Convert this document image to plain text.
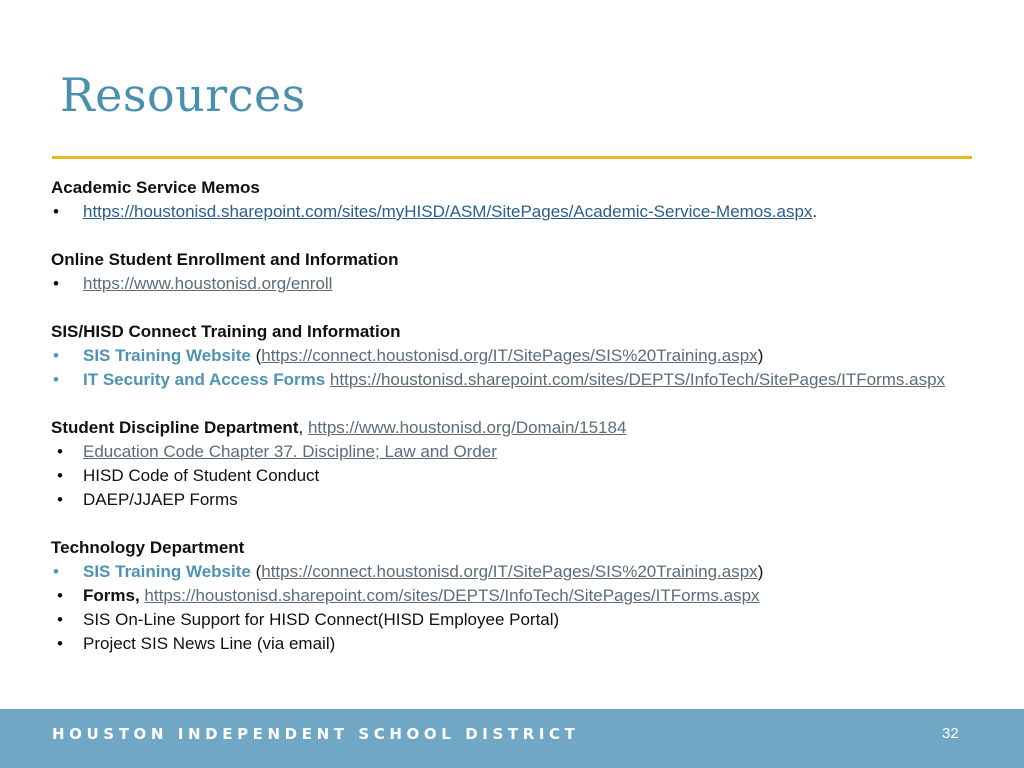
Resources
Academic Service Memos
• https://houstonisd.sharepoint.com/sites/myHISD/ASM/SitePages/Academic-Service-Memos.aspx.
Online Student Enrollment and Information
• https://www.houstonisd.org/enroll
SIS/HISD Connect Training and Information
• SIS Training Website (https://connect.houstonisd.org/IT/SitePages/SIS%20Training.aspx)
• IT Security and Access Forms https://houstonisd.sharepoint.com/sites/DEPTS/InfoTech/SitePages/ITForms.aspx
Student Discipline Department, https://www.houstonisd.org/Domain/15184
• Education Code Chapter 37. Discipline; Law and Order
• HISD Code of Student Conduct
• DAEP/JJAEP Forms
Technology Department
• SIS Training Website (https://connect.houstonisd.org/IT/SitePages/SIS%20Training.aspx)
• Forms, https://houstonisd.sharepoint.com/sites/DEPTS/InfoTech/SitePages/ITForms.aspx
• SIS On-Line Support for HISD Connect(HISD Employee Portal)
• Project SIS News Line (via email)
HOUSTON INDEPENDENT SCHOOL DISTRICT	32
